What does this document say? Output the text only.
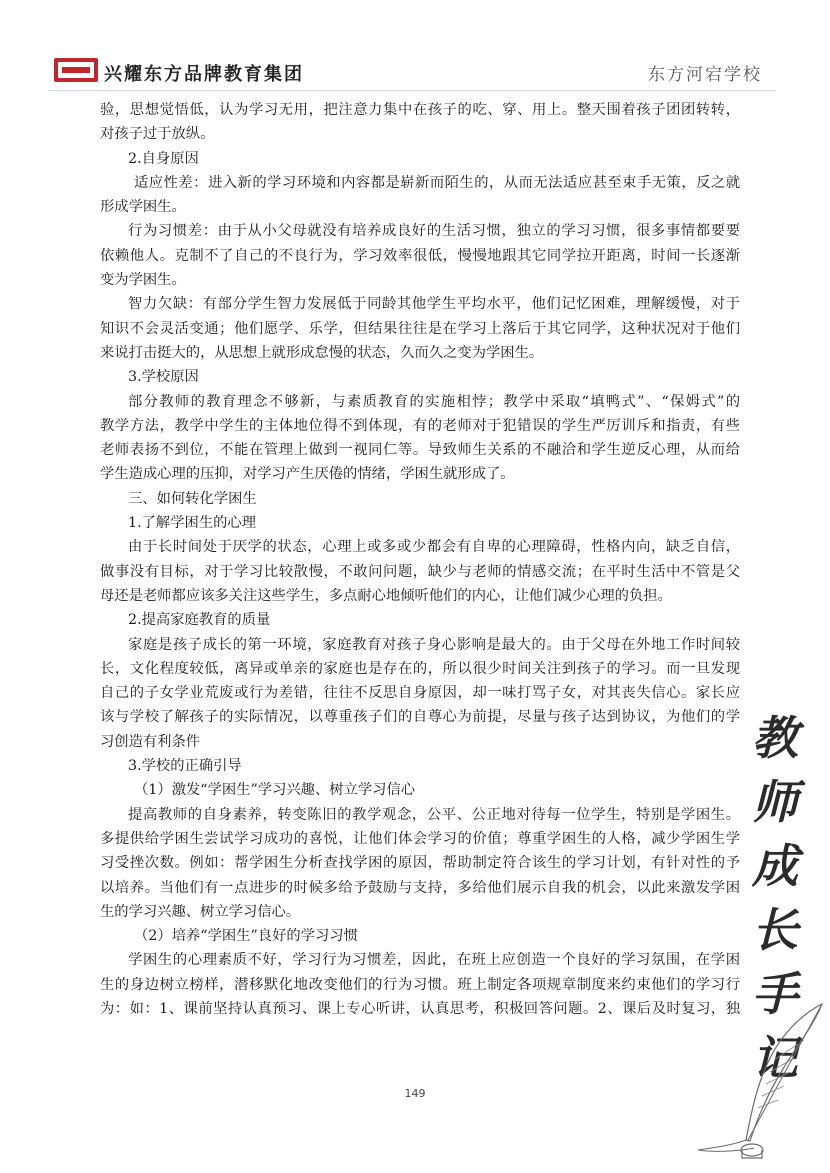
兴耀东方品牌教育集团	东方河宕学校
验，思想觉悟低，认为学习无用，把注意力集中在孩子的吃、穿、用上。整天围着孩子团团转转，
对孩子过于放纵。
2.自身原因
适应性差：进入新的学习环境和内容都是崭新而陌生的，从而无法适应甚至束手无策，反之就
形成学困生。
行为习惯差：由于从小父母就没有培养成良好的生活习惯，独立的学习习惯，很多事情都要要
依赖他人。克制不了自己的不良行为，学习效率很低，慢慢地跟其它同学拉开距离，时间一长逐渐
变为学困生。
智力欠缺：有部分学生智力发展低于同龄其他学生平均水平，他们记忆困难，理解缓慢，对于
知识不会灵活变通；他们愿学、乐学，但结果往往是在学习上落后于其它同学，这种状况对于他们
来说打击挺大的，从思想上就形成怠慢的状态，久而久之变为学困生。
3.学校原因
部分教师的教育理念不够新，与素质教育的实施相悖；教学中采取“填鸭式”、“保姆式”的
教学方法，教学中学生的主体地位得不到体现，有的老师对于犯错误的学生严厉训斥和指责，有些
老师表扬不到位，不能在管理上做到一视同仁等。导致师生关系的不融洽和学生逆反心理，从而给
学生造成心理的压抑，对学习产生厌倦的情绪，学困生就形成了。
三、如何转化学困生
1.了解学困生的心理
由于长时间处于厌学的状态，心理上或多或少都会有自卑的心理障碍，性格内向，缺乏自信，
做事没有目标，对于学习比较散慢，不敢问问题，缺少与老师的情感交流；在平时生活中不管是父
母还是老师都应该多关注这些学生，多点耐心地倾听他们的内心，让他们减少心理的负担。
2.提高家庭教育的质量
家庭是孩子成长的第一环境，家庭教育对孩子身心影响是最大的。由于父母在外地工作时间较
长，文化程度较低，离异或单亲的家庭也是存在的，所以很少时间关注到孩子的学习。而一旦发现
自己的子女学业荒废或行为差错，往往不反思自身原因，却一味打骂子女，对其丧失信心。家长应
该与学校了解孩子的实际情况，以尊重孩子们的自尊心为前提，尽量与孩子达到协议，为他们的学
习创造有利条件
3.学校的正确引导
（1）激发“学困生”学习兴趣、树立学习信心
提高教师的自身素养，转变陈旧的教学观念，公平、公正地对待每一位学生，特别是学困生。
多提供给学困生尝试学习成功的喜悦，让他们体会学习的价值；尊重学困生的人格，减少学困生学
习受挫次数。例如：帮学困生分析查找学困的原因，帮助制定符合该生的学习计划，有针对性的予
以培养。当他们有一点进步的时候多给予鼓励与支持，多给他们展示自我的机会，以此来激发学困
生的学习兴趣、树立学习信心。
（2）培养“学困生”良好的学习习惯
学困生的心理素质不好，学习行为习惯差，因此，在班上应创造一个良好的学习氛围，在学困
生的身边树立榜样，潜移默化地改变他们的行为习惯。班上制定各项规章制度来约束他们的学习行
为：如：1、课前坚持认真预习、课上专心听讲，认真思考，积极回答问题。2、课后及时复习，独
教
师
成
长
手
记
149
